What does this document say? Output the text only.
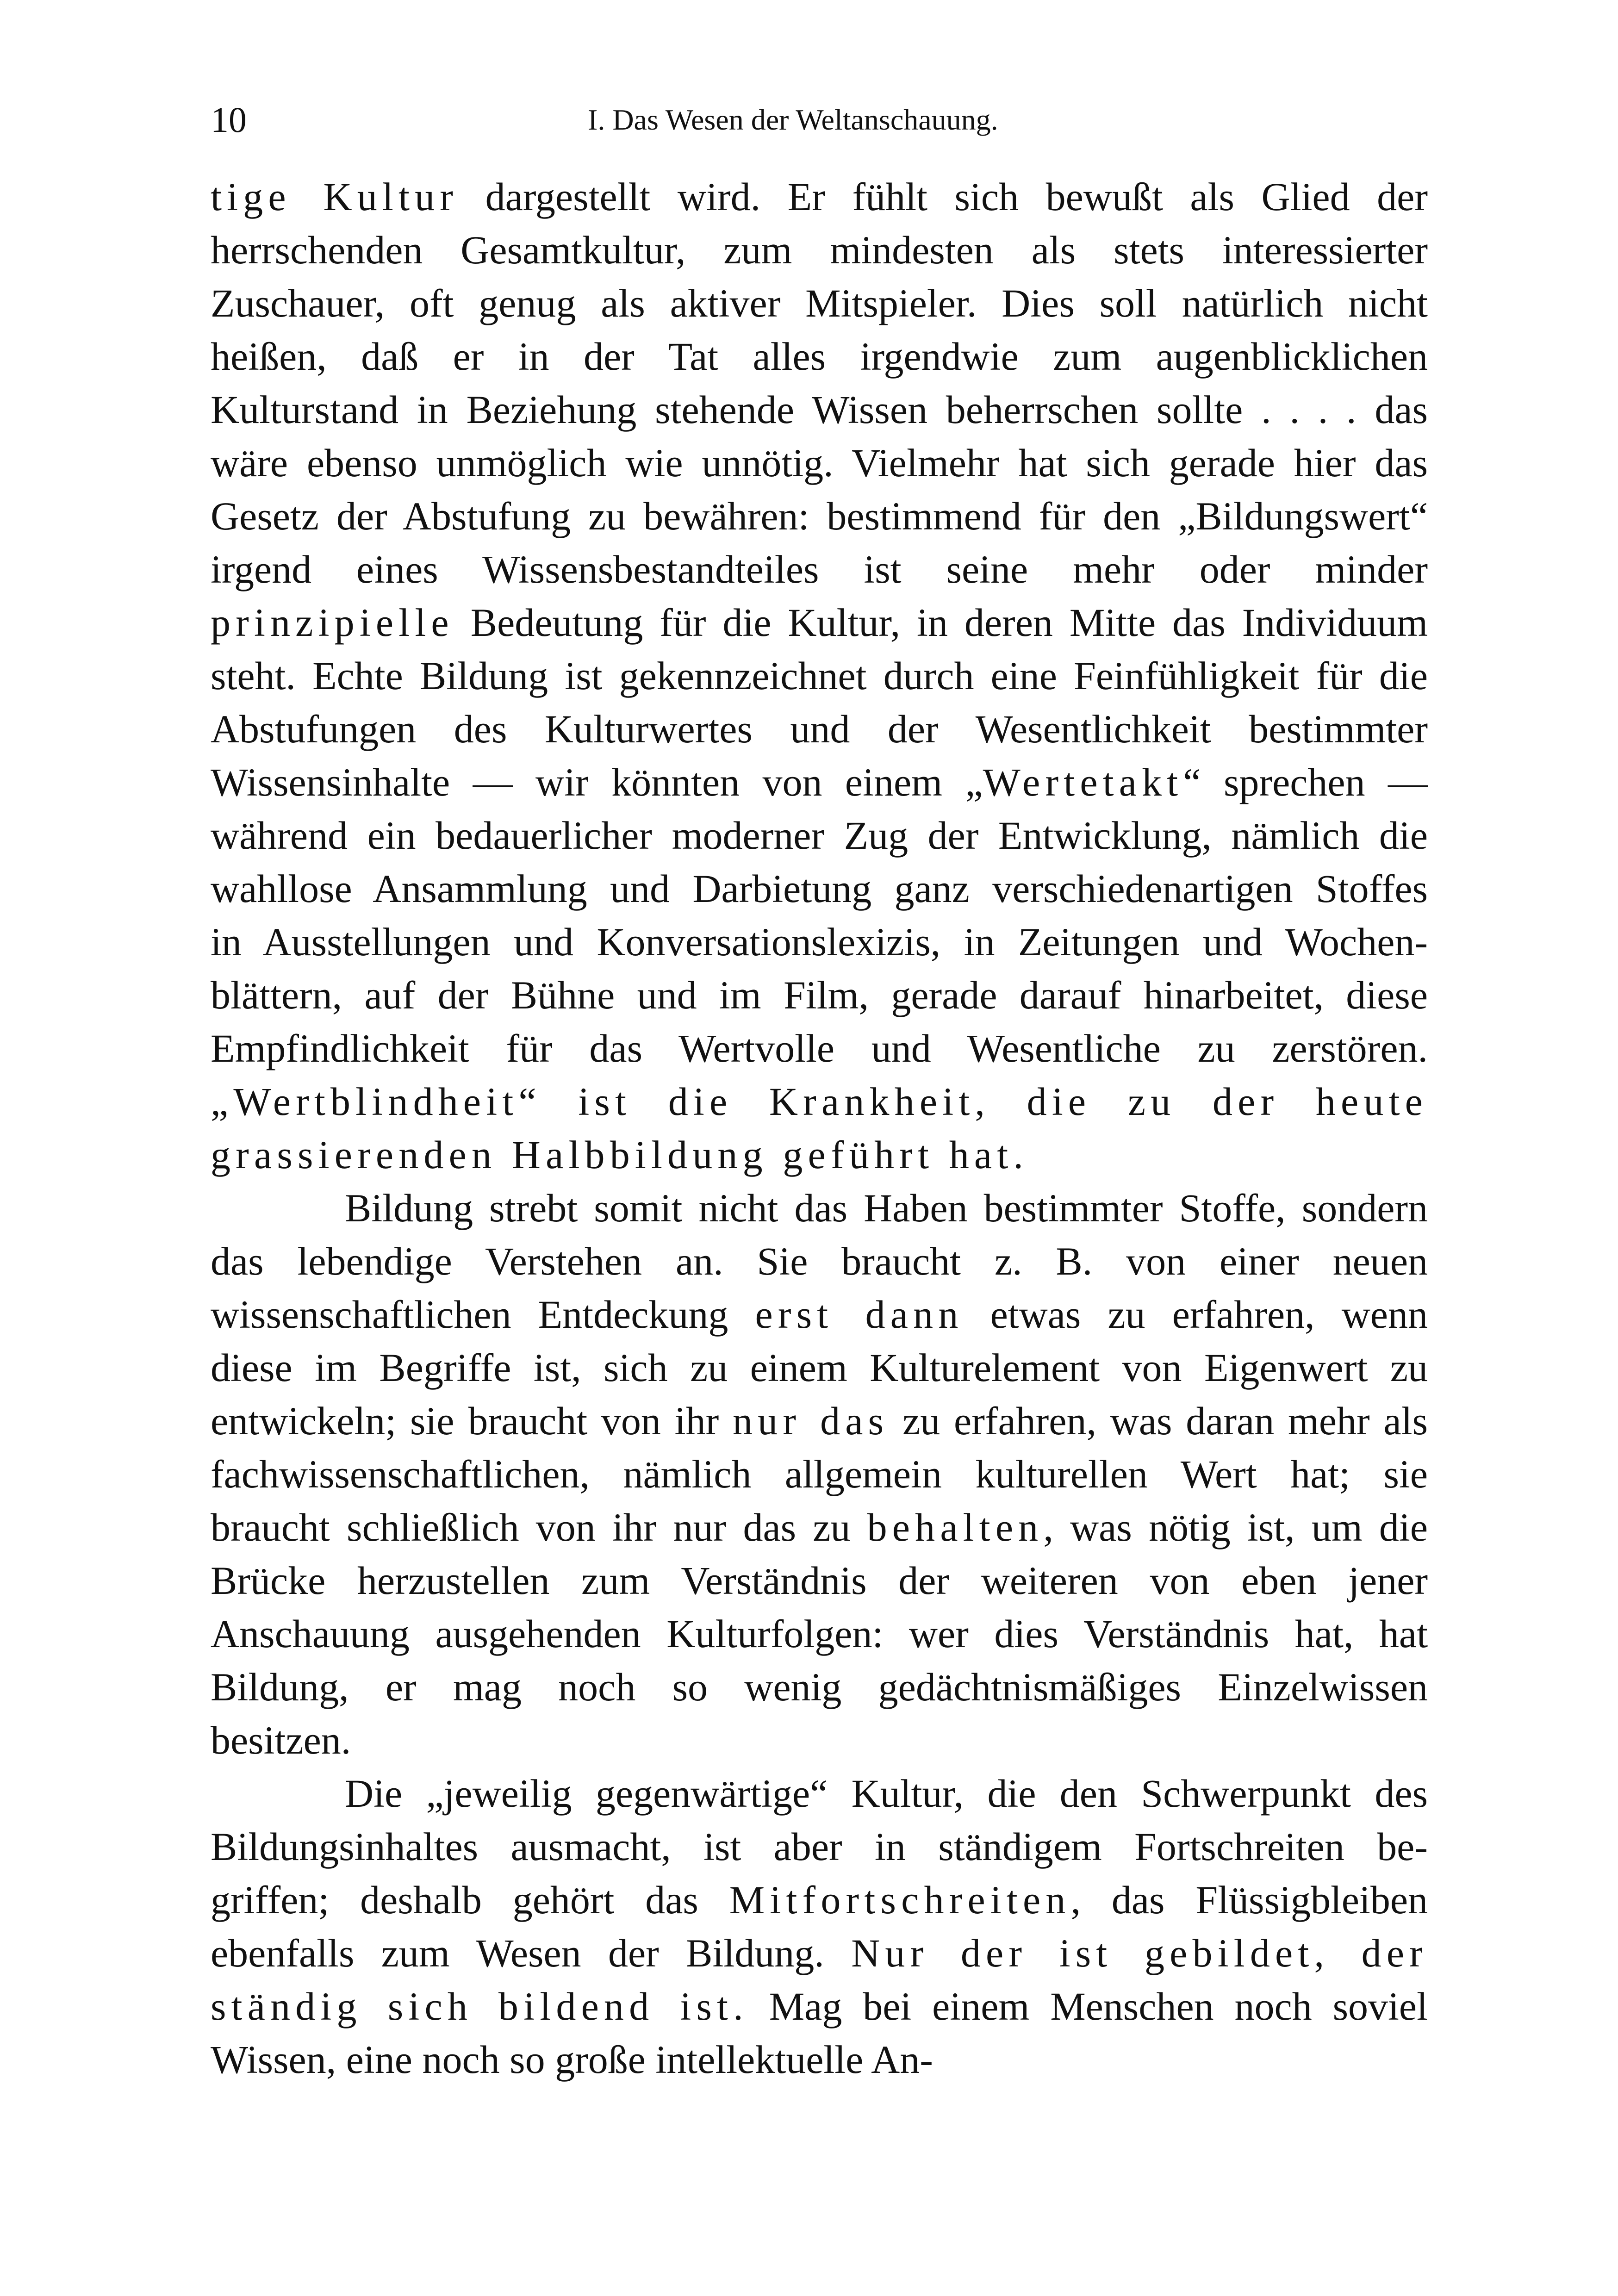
10	I. Das Wesen der Weltanschauung.
tige Kultur dargestellt wird. Er fühlt sich bewußt als Glied der
herrschenden Gesamtkultur, zum mindesten als stets interessierter
Zuschauer, oft genug als aktiver Mitspieler. Dies soll natürlich nicht
heißen, daß er in der Tat alles irgendwie zum augenblicklichen
Kulturstand in Beziehung stehende Wissen beherrschen sollte . . . . das
wäre ebenso unmöglich wie unnötig. Vielmehr hat sich gerade hier das
Gesetz der Abstufung zu bewähren: bestimmend für den „Bildungswert“
irgend eines Wissensbestandteiles ist seine mehr oder minder
prinzipielle Bedeutung für die Kultur, in deren Mitte das Individuum
steht. Echte Bildung ist gekennzeichnet durch eine Feinfühligkeit für die
Abstufungen des Kulturwertes und der Wesentlichkeit bestimmter
Wissensinhalte — wir könnten von einem „Wertetakt“ sprechen —
während ein bedauerlicher moderner Zug der Entwicklung, nämlich die
wahllose Ansammlung und Darbietung ganz verschiedenartigen Stoffes
in Ausstellungen und Konversationslexizis, in Zeitungen und Wochen-
blättern, auf der Bühne und im Film, gerade darauf hinarbeitet, diese
Empfindlichkeit für das Wertvolle und Wesentliche zu zerstören.
„Wertblindheit“ ist die Krankheit, die zu der heute
grassierenden Halbbildung geführt hat.
Bildung strebt somit nicht das Haben bestimmter Stoffe, sondern
das lebendige Verstehen an. Sie braucht z. B. von einer neuen
wissenschaftlichen Entdeckung erst dann etwas zu erfahren, wenn
diese im Begriffe ist, sich zu einem Kulturelement von Eigenwert zu
entwickeln; sie braucht von ihr nur das zu erfahren, was daran mehr als
fachwissenschaftlichen, nämlich allgemein kulturellen Wert hat; sie
braucht schließlich von ihr nur das zu behalten, was nötig ist, um die
Brücke herzustellen zum Verständnis der weiteren von eben jener
Anschauung ausgehenden Kulturfolgen: wer dies Verständnis hat, hat
Bildung, er mag noch so wenig gedächtnismäßiges Einzelwissen
besitzen.
Die „jeweilig gegenwärtige“ Kultur, die den Schwerpunkt des
Bildungsinhaltes ausmacht, ist aber in ständigem Fortschreiten be-
griffen; deshalb gehört das Mitfortschreiten, das Flüssigbleiben
ebenfalls zum Wesen der Bildung. Nur der ist gebildet, der
ständig sich bildend ist. Mag bei einem Menschen noch soviel
Wissen, eine noch so große intellektuelle An-
